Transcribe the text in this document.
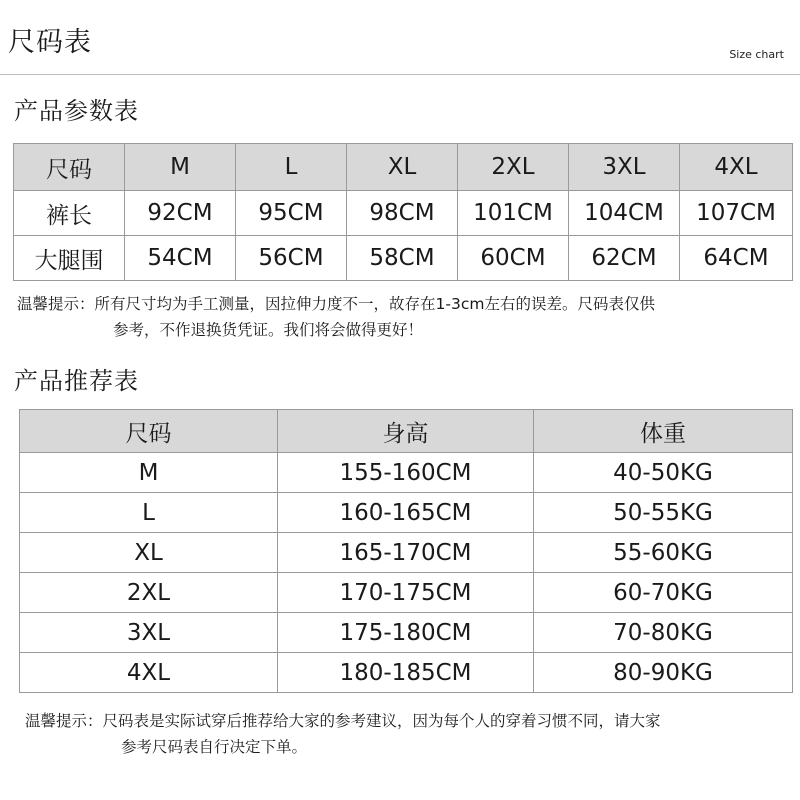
尺码表	Size chart
产品参数表
尺码	M	L	XL	2XL	3XL	4XL
裤长	92CM	95CM	98CM	101CM	104CM	107CM
大腿围	54CM	56CM	58CM	60CM	62CM	64CM
温馨提示：所有尺寸均为手工测量，因拉伸力度不一，故存在1-3cm左右的误差。尺码表仅供
参考，不作退换货凭证。我们将会做得更好！
产品推荐表
尺码	身高	体重
M	155-160CM	40-50KG
L	160-165CM	50-55KG
XL	165-170CM	55-60KG
2XL	170-175CM	60-70KG
3XL	175-180CM	70-80KG
4XL	180-185CM	80-90KG
温馨提示：尺码表是实际试穿后推荐给大家的参考建议，因为每个人的穿着习惯不同，请大家
参考尺码表自行决定下单。
